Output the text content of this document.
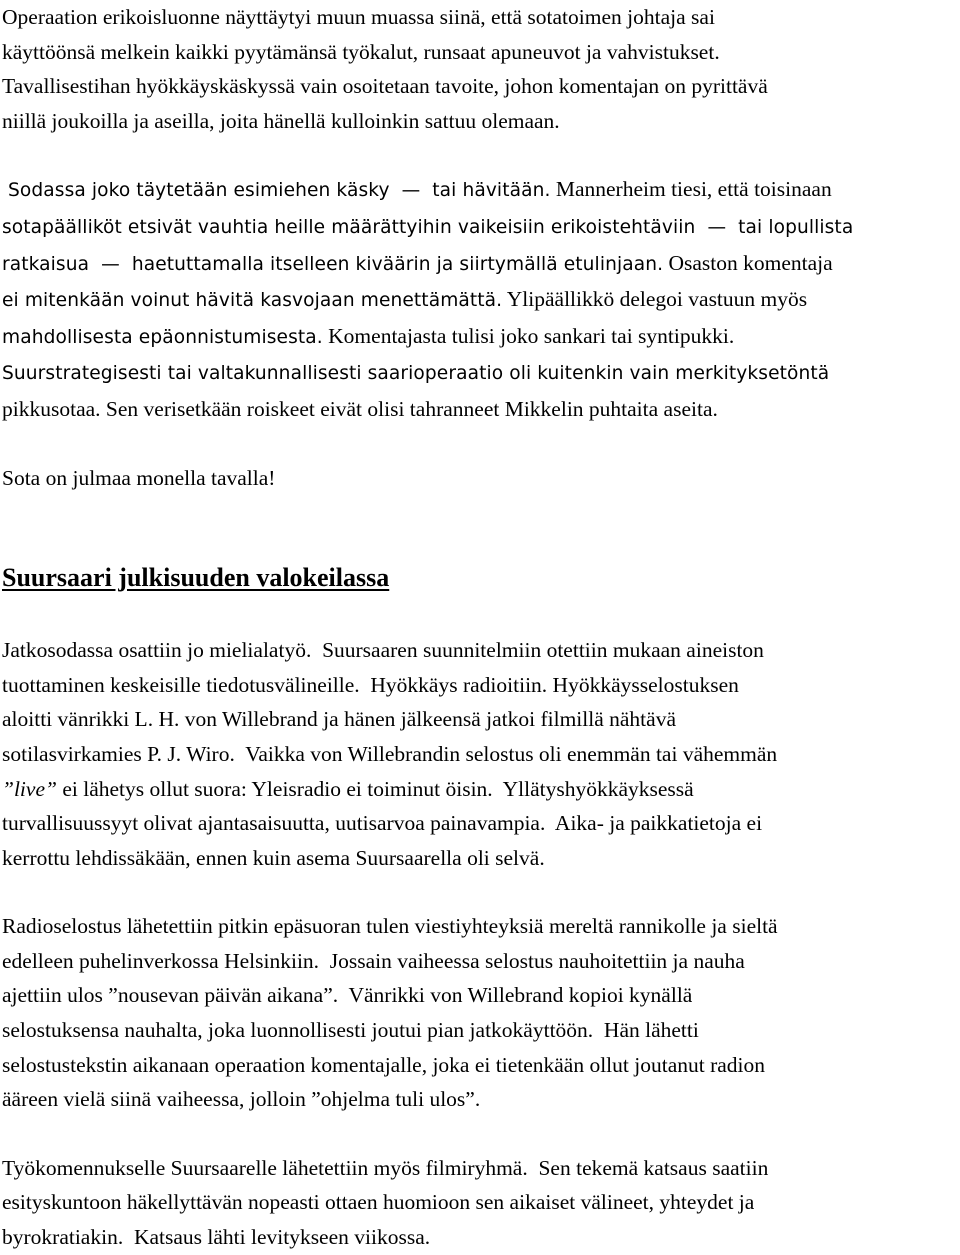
Operaation erikoisluonne näyttäytyi muun muassa siinä, että sotatoimen johtaja sai
käyttöönsä melkein kaikki pyytämänsä työkalut, runsaat apuneuvot ja vahvistukset.
Tavallisestihan hyökkäyskäskyssä vain osoitetaan tavoite, johon komentajan on pyrittävä
niillä joukoilla ja aseilla, joita hänellä kulloinkin sattuu olemaan.

Sodassa joko täytetään esimiehen käsky  —  tai hävitään. Mannerheim tiesi, että toisinaan
sotapäälliköt etsivät vauhtia heille määrättyihin vaikeisiin erikoistehtäviin  —  tai lopullista
ratkaisua  —  haetuttamalla itselleen kiväärin ja siirtymällä etulinjaan. Osaston komentaja
ei mitenkään voinut hävitä kasvojaan menettämättä. Ylipäällikkö delegoi vastuun myös
mahdollisesta epäonnistumisesta. Komentajasta tulisi joko sankari tai syntipukki.
Suurstrategisesti tai valtakunnallisesti saarioperaatio oli kuitenkin vain merkityksetöntä
pikkusotaa. Sen verisetkään roiskeet eivät olisi tahranneet Mikkelin puhtaita aseita.

Sota on julmaa monella tavalla!

Suursaari julkisuuden valokeilassa

Jatkosodassa osattiin jo mielialatyö.  Suursaaren suunnitelmiin otettiin mukaan aineiston
tuottaminen keskeisille tiedotusvälineille.  Hyökkäys radioitiin. Hyökkäysselostuksen
aloitti vänrikki L. H. von Willebrand ja hänen jälkeensä jatkoi filmillä nähtävä
sotilasvirkamies P. J. Wiro.  Vaikka von Willebrandin selostus oli enemmän tai vähemmän
”live” ei lähetys ollut suora: Yleisradio ei toiminut öisin.  Yllätyshyökkäyksessä
turvallisuussyyt olivat ajantasaisuutta, uutisarvoa painavampia.  Aika- ja paikkatietoja ei
kerrottu lehdissäkään, ennen kuin asema Suursaarella oli selvä.

Radioselostus lähetettiin pitkin epäsuoran tulen viestiyhteyksiä mereltä rannikolle ja sieltä
edelleen puhelinverkossa Helsinkiin.  Jossain vaiheessa selostus nauhoitettiin ja nauha
ajettiin ulos ”nousevan päivän aikana”.  Vänrikki von Willebrand kopioi kynällä
selostuksensa nauhalta, joka luonnollisesti joutui pian jatkokäyttöön.  Hän lähetti
selostustekstin aikanaan operaation komentajalle, joka ei tietenkään ollut joutanut radion
ääreen vielä siinä vaiheessa, jolloin ”ohjelma tuli ulos”.

Työkomennukselle Suursaarelle lähetettiin myös filmiryhmä.  Sen tekemä katsaus saatiin
esityskuntoon häkellyttävän nopeasti ottaen huomioon sen aikaiset välineet, yhteydet ja
byrokratiakin.  Katsaus lähti levitykseen viikossa.
